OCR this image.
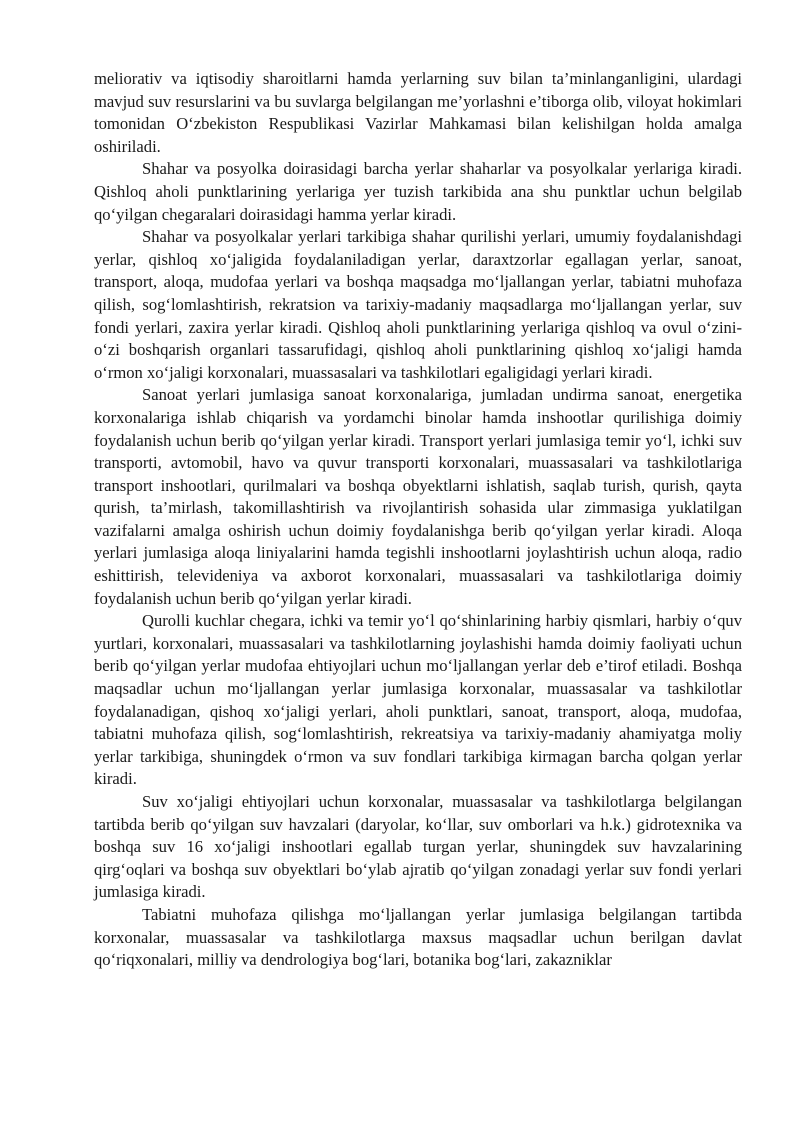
meliorativ va iqtisodiy sharoitlarni hamda yerlarning suv bilan ta’minlanganligini, ulardagi mavjud suv resurslarini va bu suvlarga belgilangan me’yorlashni e’tiborga olib, viloyat hokimlari tomonidan O‘zbekiston Respublikasi Vazirlar Mahkamasi bilan kelishilgan holda amalga oshiriladi.

Shahar va posyolka doirasidagi barcha yerlar shaharlar va posyolkalar yerlariga kiradi. Qishloq aholi punktlarining yerlariga yer tuzish tarkibida ana shu punktlar uchun belgilab qo‘yilgan chegaralari doirasidagi hamma yerlar kiradi.

Shahar va posyolkalar yerlari tarkibiga shahar qurilishi yerlari, umumiy foydalanishdagi yerlar, qishloq xo‘jaligida foydalaniladigan yerlar, daraxtzorlar egallagan yerlar, sanoat, transport, aloqa, mudofaa yerlari va boshqa maqsadga mo‘ljallangan yerlar, tabiatni muhofaza qilish, sog‘lomlashtirish, rekratsion va tarixiy-madaniy maqsadlarga mo‘ljallangan yerlar, suv fondi yerlari, zaxira yerlar kiradi. Qishloq aholi punktlarining yerlariga qishloq va ovul o‘zini-o‘zi boshqarish organlari tassarufidagi, qishloq aholi punktlarining qishloq xo‘jaligi hamda o‘rmon xo‘jaligi korxonalari, muassasalari va tashkilotlari egaligidagi yerlari kiradi.

Sanoat yerlari jumlasiga sanoat korxonalariga, jumladan undirma sanoat, energetika korxonalariga ishlab chiqarish va yordamchi binolar hamda inshootlar qurilishiga doimiy foydalanish uchun berib qo‘yilgan yerlar kiradi. Transport yerlari jumlasiga temir yo‘l, ichki suv transporti, avtomobil, havo va quvur transporti korxonalari, muassasalari va tashkilotlariga transport inshootlari, qurilmalari va boshqa obyektlarni ishlatish, saqlab turish, qurish, qayta qurish, ta’mirlash, takomillashtirish va rivojlantirish sohasida ular zimmasiga yuklatilgan vazifalarni amalga oshirish uchun doimiy foydalanishga berib qo‘yilgan yerlar kiradi. Aloqa yerlari jumlasiga aloqa liniyalarini hamda tegishli inshootlarni joylashtirish uchun aloqa, radio eshittirish, televideniya va axborot korxonalari, muassasalari va tashkilotlariga doimiy foydalanish uchun berib qo‘yilgan yerlar kiradi.

Qurolli kuchlar chegara, ichki va temir yo‘l qo‘shinlarining harbiy qismlari, harbiy o‘quv yurtlari, korxonalari, muassasalari va tashkilotlarning joylashishi hamda doimiy faoliyati uchun berib qo‘yilgan yerlar mudofaa ehtiyojlari uchun mo‘ljallangan yerlar deb e’tirof etiladi. Boshqa maqsadlar uchun mo‘ljallangan yerlar jumlasiga korxonalar, muassasalar va tashkilotlar foydalanadigan, qishoq xo‘jaligi yerlari, aholi punktlari, sanoat, transport, aloqa, mudofaa, tabiatni muhofaza qilish, sog‘lomlashtirish, rekreatsiya va tarixiy-madaniy ahamiyatga moliy yerlar tarkibiga, shuningdek o‘rmon va suv fondlari tarkibiga kirmagan barcha qolgan yerlar kiradi.

Suv xo‘jaligi ehtiyojlari uchun korxonalar, muassasalar va tashkilotlarga belgilangan tartibda berib qo‘yilgan suv havzalari (daryolar, ko‘llar, suv omborlari va h.k.) gidrotexnika va boshqa suv 16 xo‘jaligi inshootlari egallab turgan yerlar, shuningdek suv havzalarining qirg‘oqlari va boshqa suv obyektlari bo‘ylab ajratib qo‘yilgan zonadagi yerlar suv fondi yerlari jumlasiga kiradi.

Tabiatni muhofaza qilishga mo‘ljallangan yerlar jumlasiga belgilangan tartibda korxonalar, muassasalar va tashkilotlarga maxsus maqsadlar uchun berilgan davlat qo‘riqxonalari, milliy va dendrologiya bog‘lari, botanika bog‘lari, zakazniklar
